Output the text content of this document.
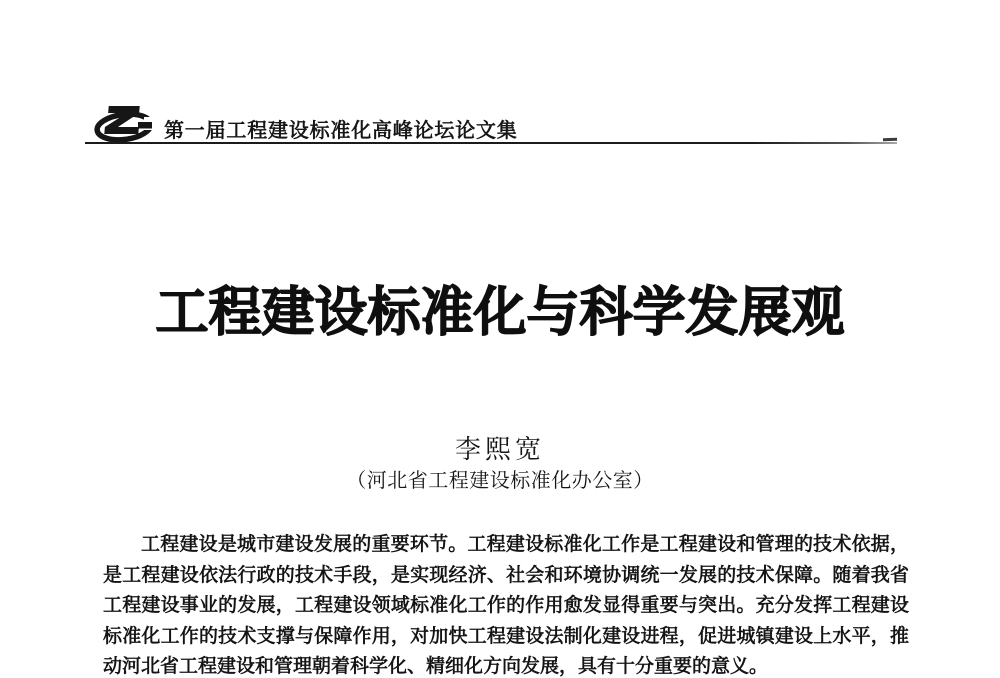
第一届工程建设标准化高峰论坛论文集
工程建设标准化与科学发展观
李熙宽
（河北省工程建设标准化办公室）
工程建设是城市建设发展的重要环节。工程建设标准化工作是工程建设和管理的技术依据，
是工程建设依法行政的技术手段，是实现经济、社会和环境协调统一发展的技术保障。随着我省
工程建设事业的发展，工程建设领域标准化工作的作用愈发显得重要与突出。充分发挥工程建设
标准化工作的技术支撑与保障作用，对加快工程建设法制化建设进程，促进城镇建设上水平，推
动河北省工程建设和管理朝着科学化、精细化方向发展，具有十分重要的意义。
